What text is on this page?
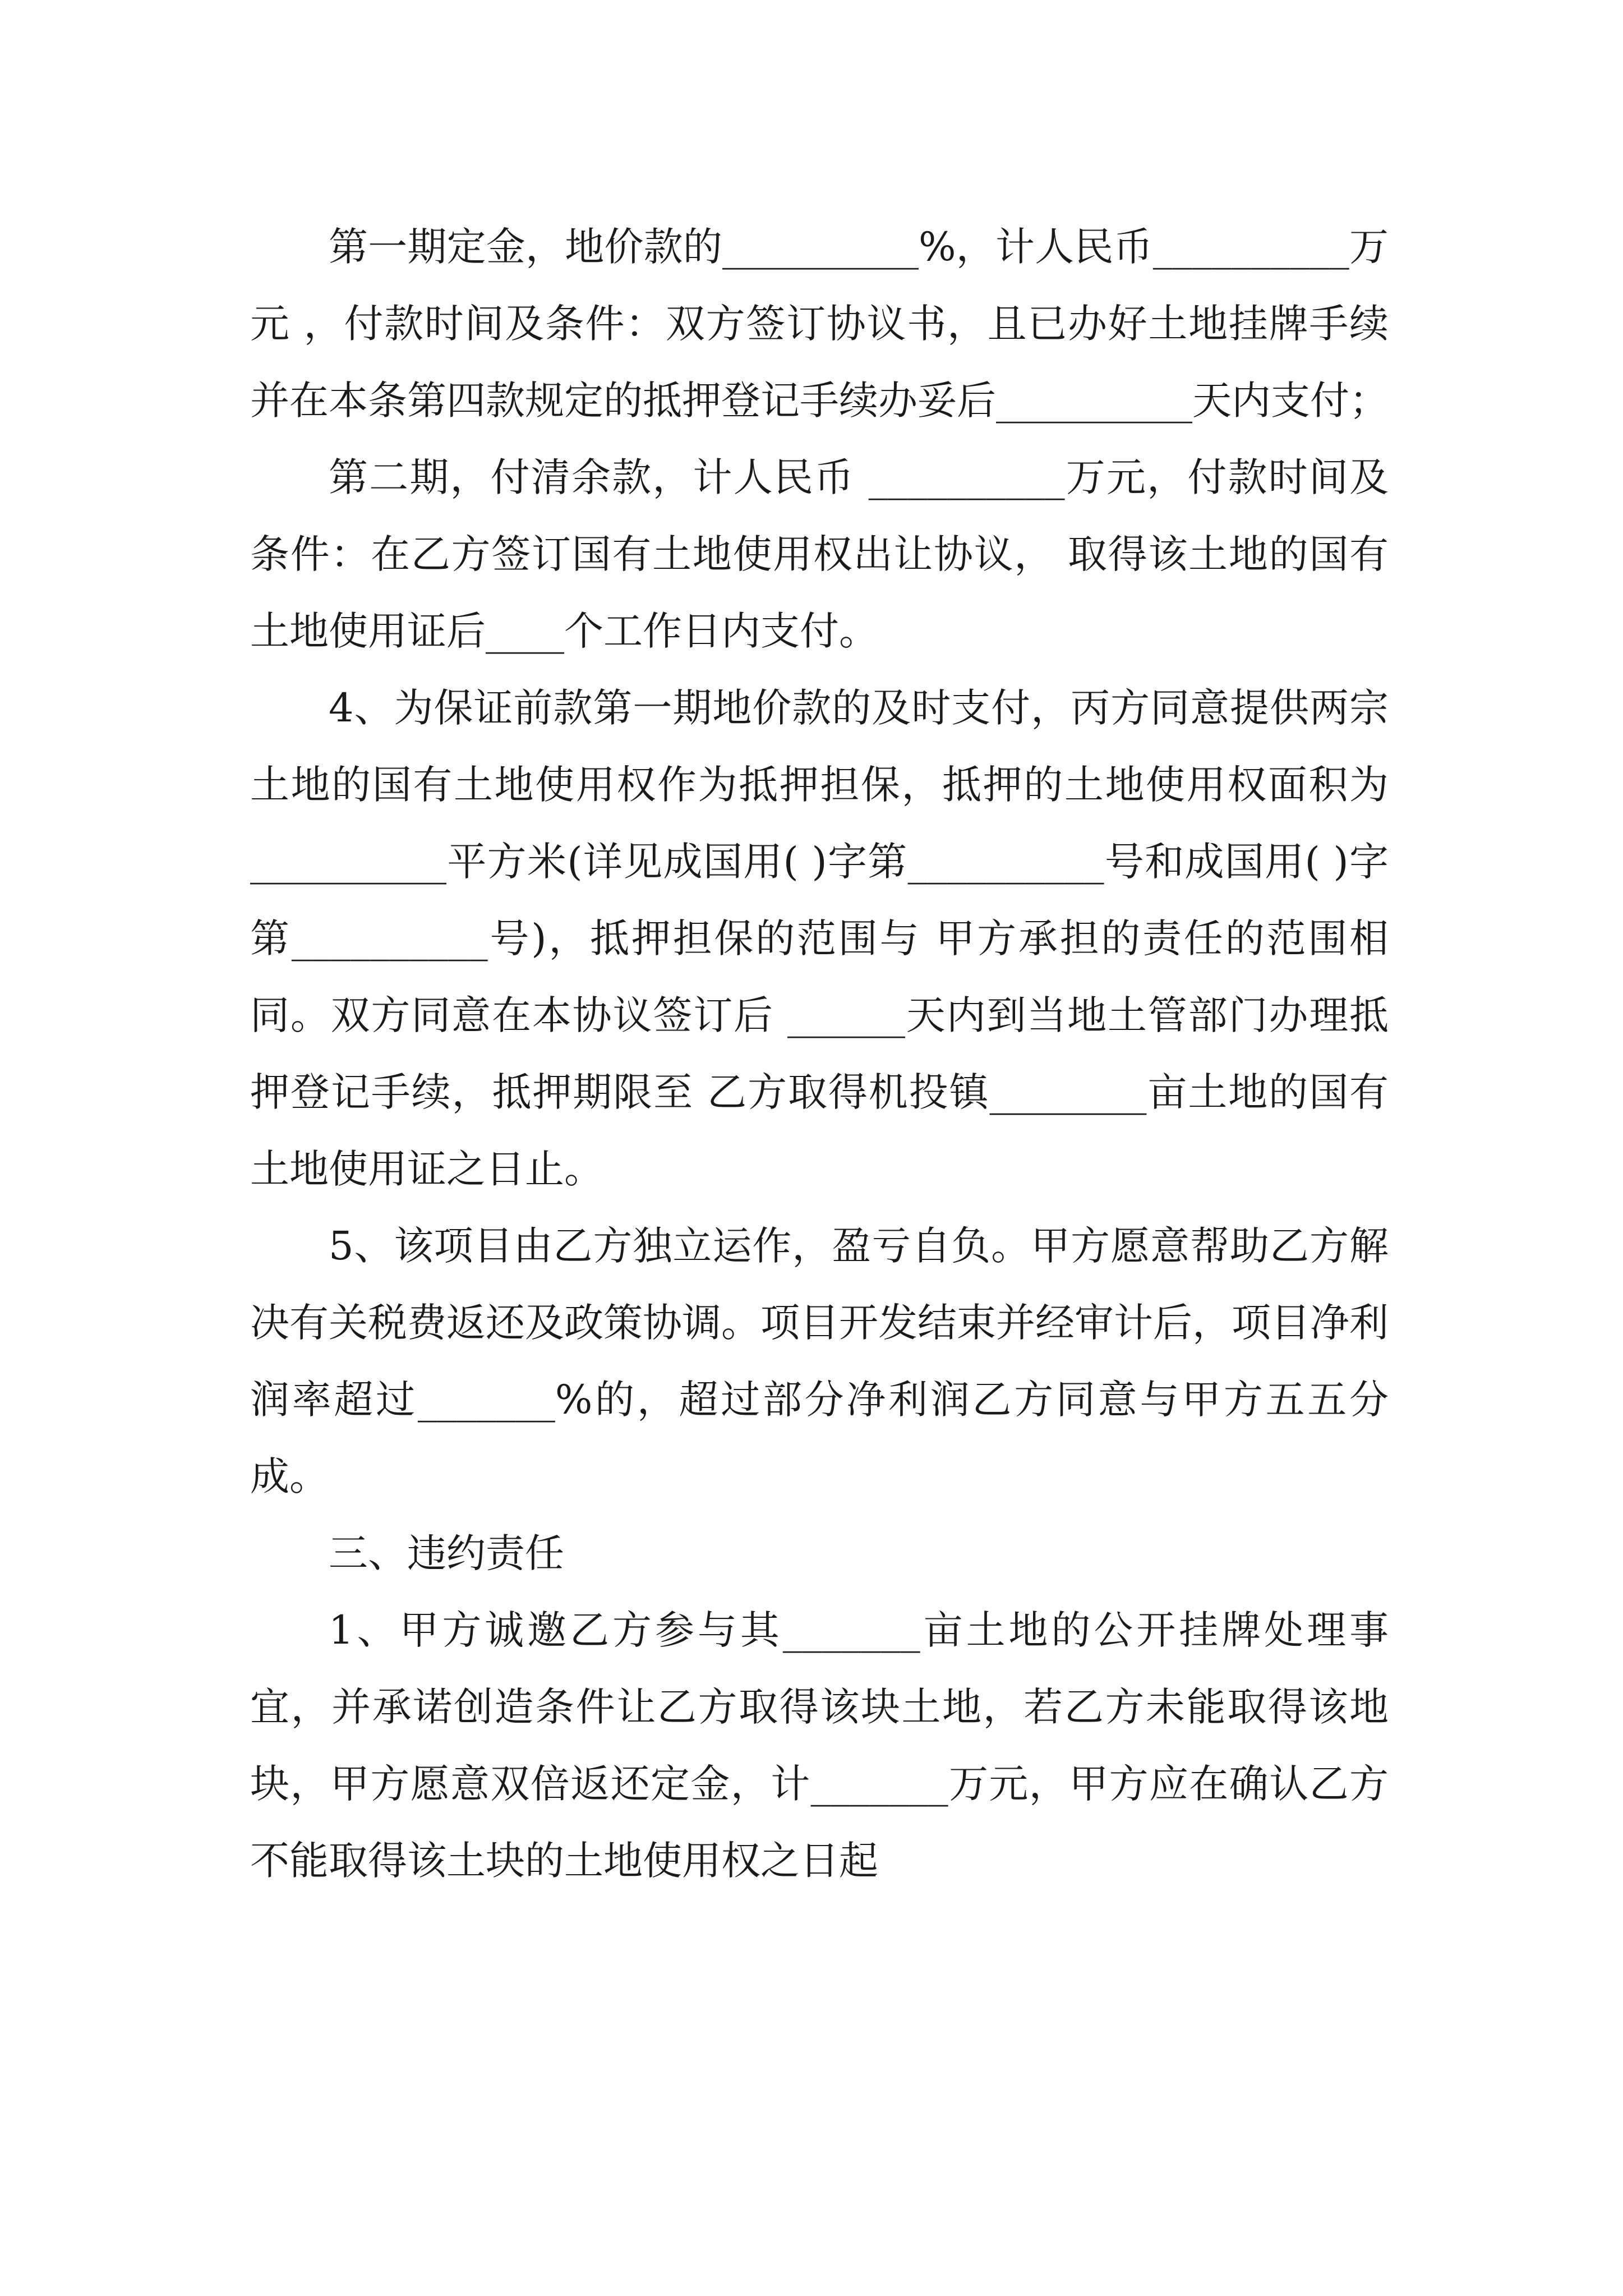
第一期定金，地价款的__________%，计人民币__________万元 ，付款时间及条件：双方签订协议书，且已办好土地挂牌手续并在本条第四款规定的抵押登记手续办妥后__________天内支付；

第二期，付清余款，计人民币 __________万元，付款时间及条件：在乙方签订国有土地使用权出让协议， 取得该土地的国有土地使用证后____个工作日内支付。

4、为保证前款第一期地价款的及时支付，丙方同意提供两宗土地的国有土地使用权作为抵押担保，抵押的土地使用权面积为__________平方米(详见成国用( )字第__________号和成国用( )字第__________号)，抵押担保的范围与 甲方承担的责任的范围相同。双方同意在本协议签订后 ______天内到当地土管部门办理抵押登记手续，抵押期限至 乙方取得机投镇________亩土地的国有土地使用证之日止。

5、该项目由乙方独立运作，盈亏自负。甲方愿意帮助乙方解决有关税费返还及政策协调。项目开发结束并经审计后，项目净利润率超过_______%的，超过部分净利润乙方同意与甲方五五分成。

三、违约责任

1、甲方诚邀乙方参与其_______亩土地的公开挂牌处理事宜，并承诺创造条件让乙方取得该块土地，若乙方未能取得该地块，甲方愿意双倍返还定金，计_______万元，甲方应在确认乙方不能取得该土块的土地使用权之日起
